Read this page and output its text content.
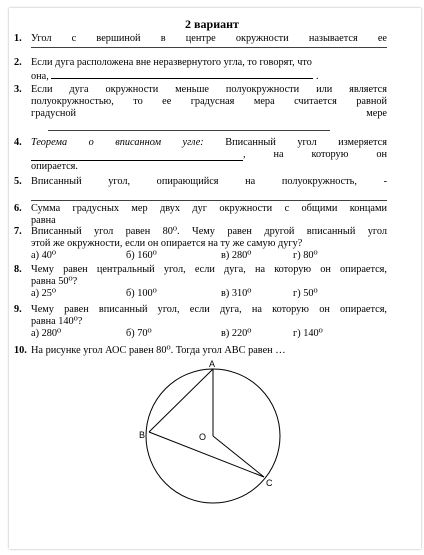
2 вариант
1. Угол с вершиной в центре окружности называется ее
2. Если дуга расположена вне неразвернутого угла, то говорят, что
она,	.
3. Если дугa окружности меньше полуокружности или является
полуокружностью, то ее градусная мера считается равной
градусной	мере
4. Теорема о вписанном угле: Вписанный угол измеряется
, на которую он
опирается.
5. Вписанный угол, опирающийся на полуокружность, -
6. Сумма градусных мер двух дуг окружности с общими концами
равна
7. Вписанный угол равен 80⁰. Чему равен другой вписанный угол
этой же окружности, если он опирается на ту же самую дугу?
а) 40⁰	б) 160⁰	в) 280⁰	г) 80⁰
8. Чему равен центральный угол, если дуга, на которую он опирается,
равна 50⁰?
а) 25⁰	б) 100⁰	в) 310⁰	г) 50⁰
9. Чему равен вписанный угол, если дуга, на которую он опирается,
равна 140⁰?
а) 280⁰	б) 70⁰	в) 220⁰	г) 140⁰
10. На рисунке угол АОС равен 80⁰. Тогда угол АВС равен …
A
B	O
C
